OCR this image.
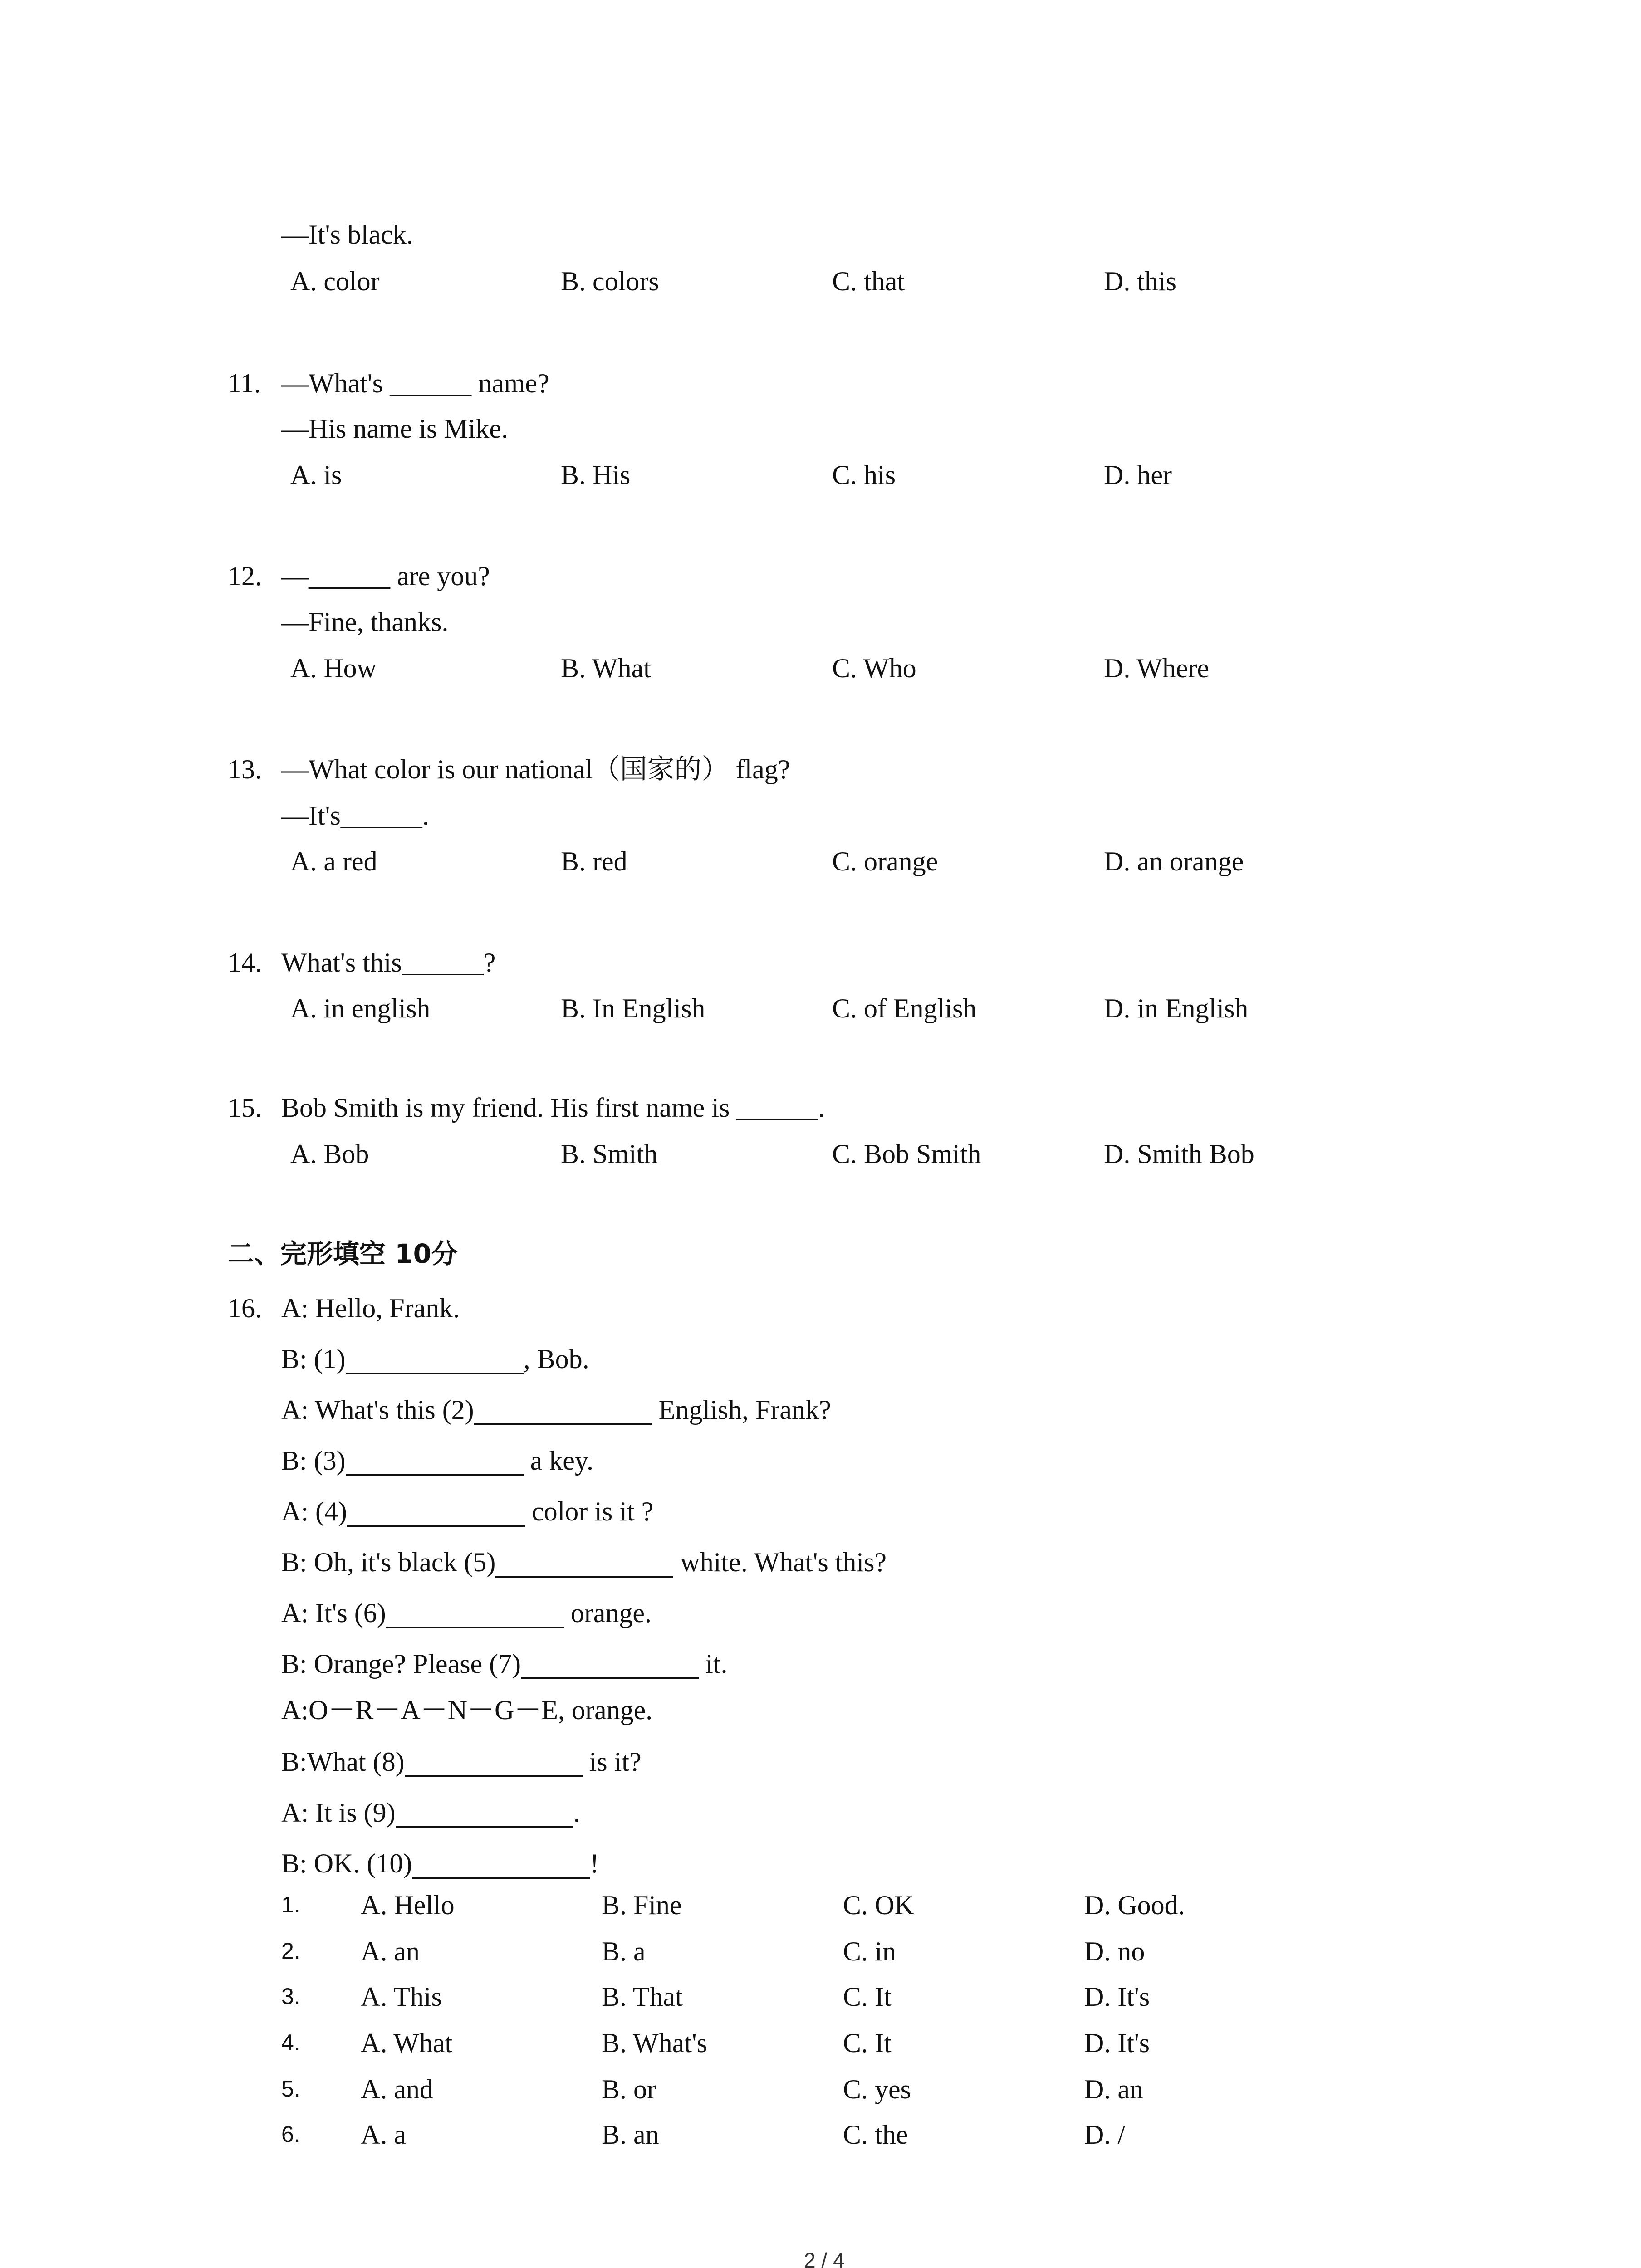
—It's black.
A. color	B. colors	C. that	D. this
11. —What's ______ name?
—His name is Mike.
A. is	B. His	C. his	D. her
12. —______ are you?
—Fine, thanks.
A. How	B. What	C. Who	D. Where
13. —What color is our national（国家的） flag?
—It's______.
A. a red	B. red	C. orange	D. an orange
14. What's this______?
A. in english	B. In English	C. of English	D. in English
15. Bob Smith is my friend. His first name is ______.
A. Bob	B. Smith	C. Bob Smith	D. Smith Bob
二、完形填空 10分
16. A: Hello, Frank.
B: (1)	, Bob.
A: What's this (2)	English, Frank?
B: (3)	a key.
A: (4)	color is it ?
B: Oh, it's black (5)	white. What's this?
A: It's (6)	orange.
B: Orange? Please (7)	it.
A:O－R－A－N－G－E, orange.
B:What (8)	is it?
A: It is (9)	.
B: OK. (10)	!
1. A. Hello	B. Fine	C. OK	D. Good.
2. A. an	B. a	C. in	D. no
3. A. This	B. That	C. It	D. It's
4. A. What	B. What's	C. It	D. It's
5. A. and	B. or	C. yes	D. an
6. A. a	B. an	C. the	D. /
2 / 4
